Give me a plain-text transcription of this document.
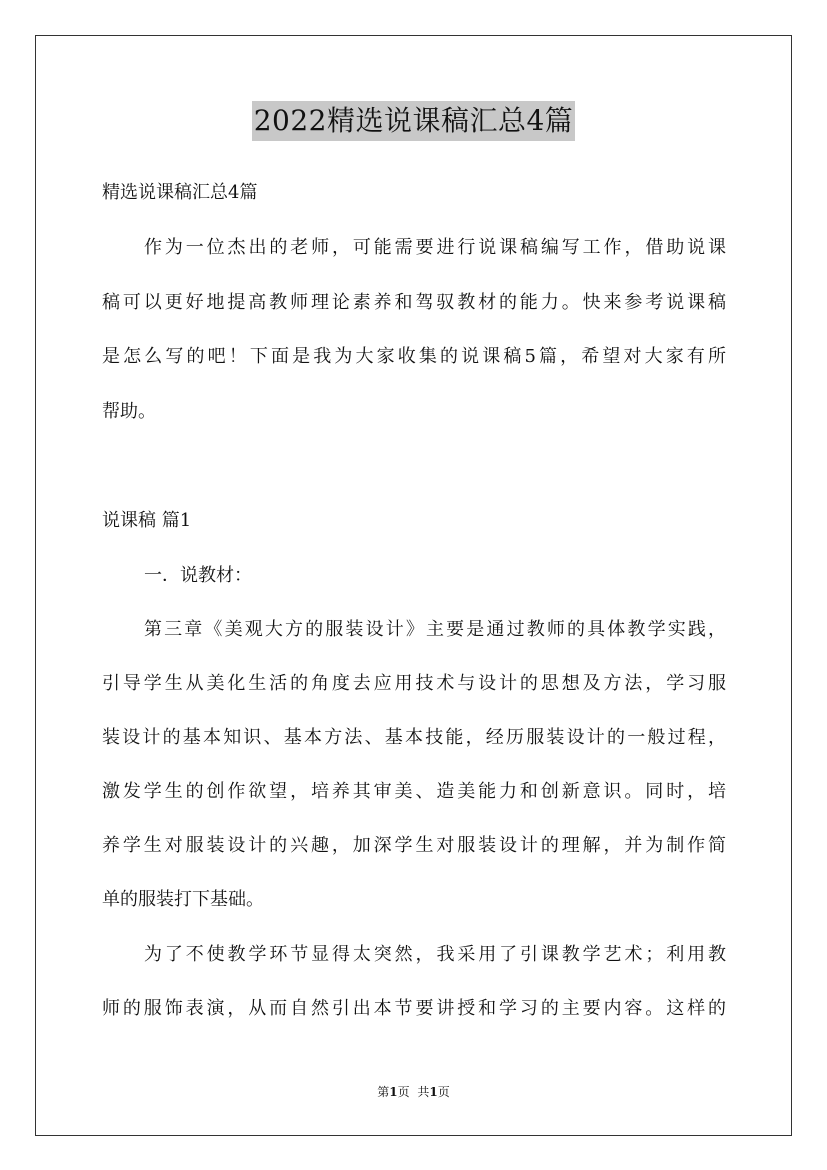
2022精选说课稿汇总4篇

精选说课稿汇总4篇

作为一位杰出的老师，可能需要进行说课稿编写工作，借助说课

稿可以更好地提高教师理论素养和驾驭教材的能力。快来参考说课稿

是怎么写的吧！下面是我为大家收集的说课稿5篇，希望对大家有所

帮助。

说课稿 篇1

一．说教材：

第三章《美观大方的服装设计》主要是通过教师的具体教学实践，

引导学生从美化生活的角度去应用技术与设计的思想及方法，学习服

装设计的基本知识、基本方法、基本技能，经历服装设计的一般过程，

激发学生的创作欲望，培养其审美、造美能力和创新意识。同时，培

养学生对服装设计的兴趣，加深学生对服装设计的理解，并为制作简

单的服装打下基础。

为了不使教学环节显得太突然，我采用了引课教学艺术；利用教

师的服饰表演，从而自然引出本节要讲授和学习的主要内容。这样的

第1页 共1页
